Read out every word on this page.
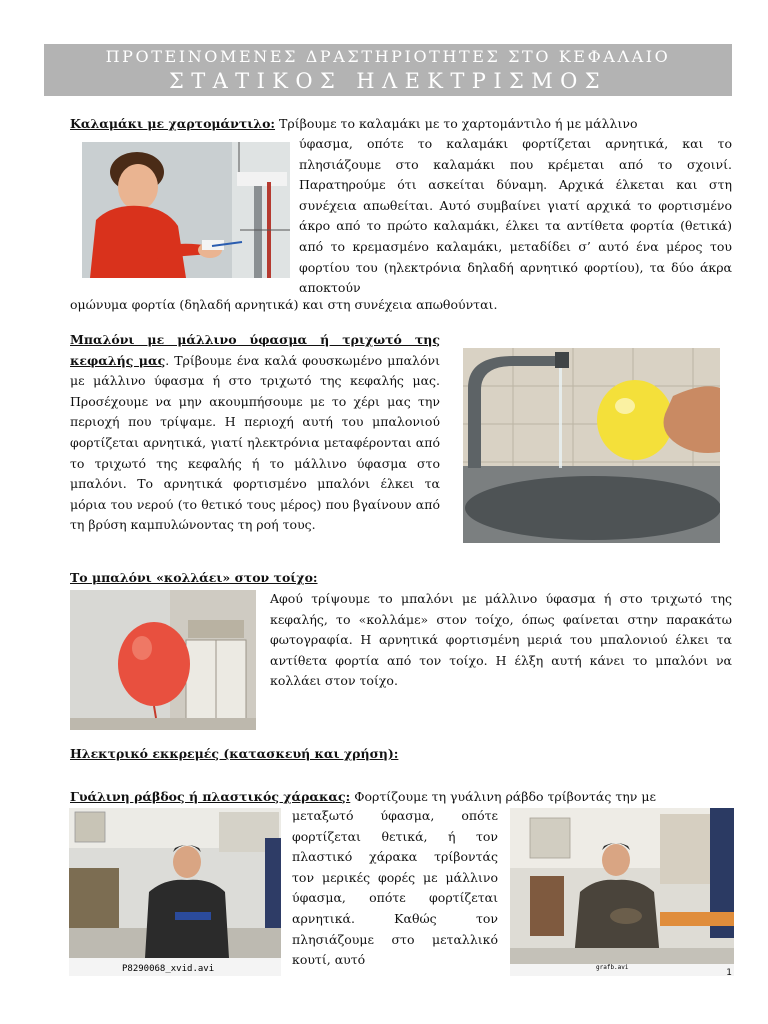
ΠΡΟΤΕΙΝΟΜΕΝΕΣ ΔΡΑΣΤΗΡΙΟΤΗΤΕΣ ΣΤΟ ΚΕΦΑΛΑΙΟ
ΣΤΑΤΙΚΟΣ ΗΛΕΚΤΡΙΣΜΟΣ

Καλαμάκι με χαρτομάντιλο: Τρίβουμε το καλαμάκι με το χαρτομάντιλο ή με μάλλινο

ύφασμα, οπότε το καλαμάκι φορτίζεται αρνητικά, και το πλησιάζουμε στο καλαμάκι που κρέμεται από το σχοινί. Παρατηρούμε ότι ασκείται δύναμη. Αρχικά έλκεται και στη συνέχεια απωθείται. Αυτό συμβαίνει γιατί αρχικά το φορτισμένο άκρο από το πρώτο καλαμάκι, έλκει τα αντίθετα φορτία (θετικά) από το κρεμασμένο καλαμάκι, μεταδίδει σ’ αυτό ένα μέρος του φορτίου του (ηλεκτρόνια δηλαδή αρνητικό φορτίου), τα δύο άκρα αποκτούν

ομώνυμα φορτία (δηλαδή αρνητικά) και στη συνέχεια απωθούνται.

Μπαλόνι με μάλλινο ύφασμα ή τριχωτό της κεφαλής μας. Τρίβουμε ένα καλά φουσκωμένο μπαλόνι με μάλλινο ύφασμα ή στο τριχωτό της κεφαλής μας. Προσέχουμε να μην ακουμπήσουμε με το χέρι μας την περιοχή που τρίψαμε. Η περιοχή αυτή του μπαλονιού φορτίζεται αρνητικά, γιατί ηλεκτρόνια μεταφέρονται από το τριχωτό της κεφαλής ή το μάλλινο ύφασμα στο μπαλόνι. Το αρνητικά φορτισμένο μπαλόνι έλκει τα μόρια του νερού (το θετικό τους μέρος) που βγαίνουν από τη βρύση καμπυλώνοντας τη ροή τους.

Το μπαλόνι «κολλάει» στον τοίχο:

Αφού τρίψουμε το μπαλόνι με μάλλινο ύφασμα ή στο τριχωτό της κεφαλής, το «κολλάμε» στον τοίχο, όπως φαίνεται στην παρακάτω φωτογραφία. Η αρνητικά φορτισμένη μεριά του μπαλονιού έλκει τα αντίθετα φορτία από τον τοίχο. Η έλξη αυτή κάνει το μπαλόνι να κολλάει στον τοίχο.

Ηλεκτρικό εκκρεμές (κατασκευή και χρήση):

Γυάλινη ράβδος ή πλαστικός χάρακας: Φορτίζουμε τη γυάλινη ράβδο τρίβοντάς την με

P8290068_xvid.avi

μεταξωτό ύφασμα, οπότε φορτίζεται θετικά, ή τον πλαστικό χάρακα τρίβοντάς τον μερικές φορές με μάλλινο ύφασμα, οπότε φορτίζεται αρνητικά. Καθώς τον πλησιάζουμε στο μεταλλικό κουτί, αυτό

grafb.avi
1
